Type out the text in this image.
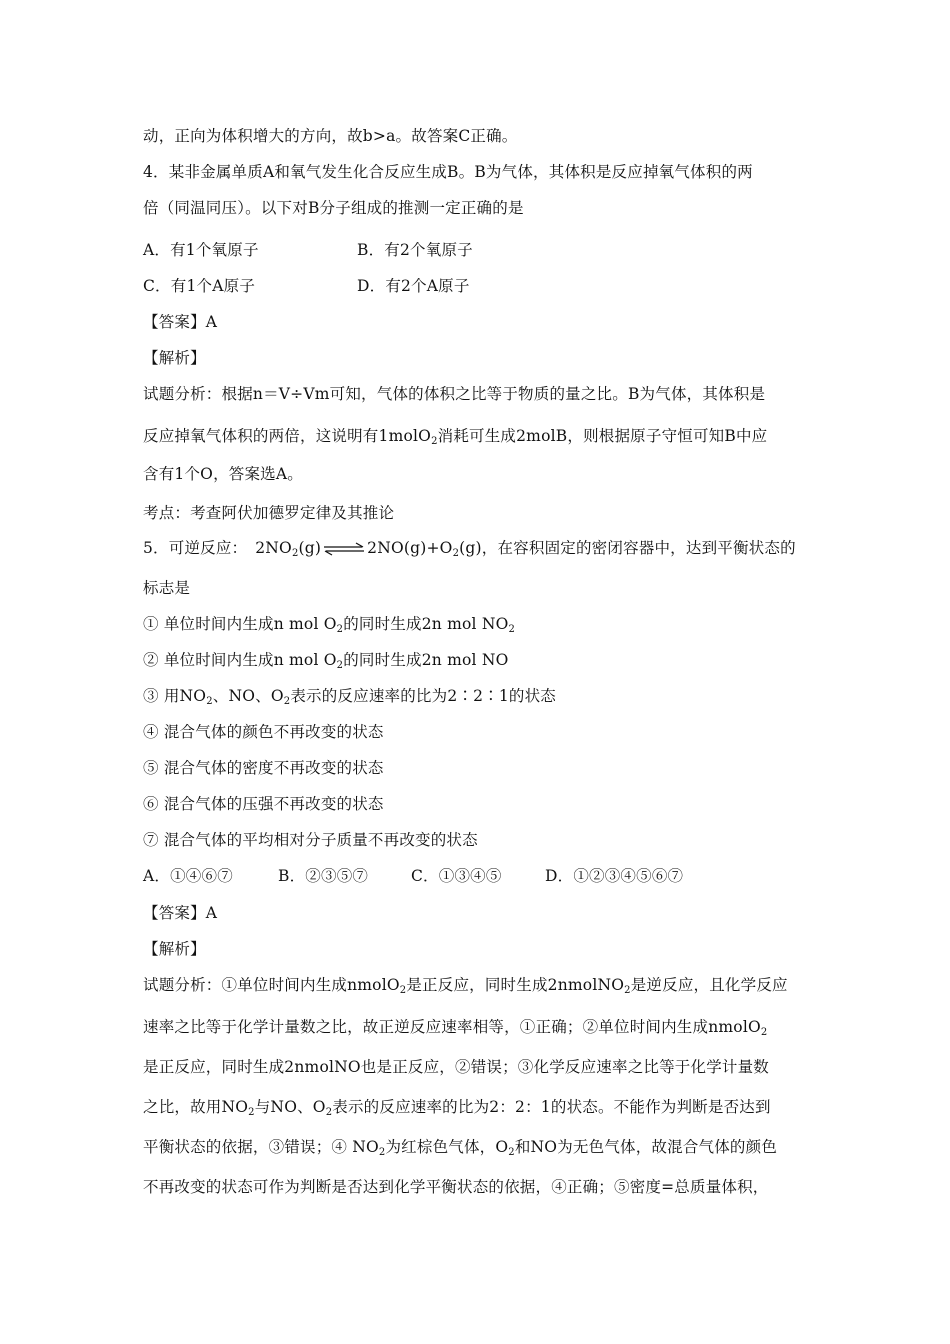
动，正向为体积增大的方向，故b>a。故答案C正确。
4．某非金属单质A和氧气发生化合反应生成B。B为气体，其体积是反应掉氧气体积的两
倍（同温同压）。以下对B分子组成的推测一定正确的是
A．有1个氧原子	B．有2个氧原子
C．有1个A原子	D．有2个A原子
【答案】A
【解析】
试题分析：根据n＝V÷Vm可知，气体的体积之比等于物质的量之比。B为气体，其体积是
反应掉氧气体积的两倍，这说明有1molO$_2$消耗可生成2molB，则根据原子守恒可知B中应
含有1个O，答案选A。
考点：考查阿伏加德罗定律及其推论
5．可逆反应：　$2NO_2(g)\rightleftharpoons 2NO(g)+O_2(g)$，在容积固定的密闭容器中，达到平衡状态的
标志是
① 单位时间内生成n mol $O_2$的同时生成2n mol $NO_2$
② 单位时间内生成n mol $O_2$的同时生成2n mol NO
③ 用$NO_2$、NO、$O_2$表示的反应速率的比为2∶2∶1的状态
④ 混合气体的颜色不再改变的状态
⑤ 混合气体的密度不再改变的状态
⑥ 混合气体的压强不再改变的状态
⑦ 混合气体的平均相对分子质量不再改变的状态
A．①④⑥⑦	B．②③⑤⑦	C．①③④⑤	D．①②③④⑤⑥⑦
【答案】A
【解析】
试题分析：①单位时间内生成nmolO$_2$是正反应，同时生成2nmolNO$_2$是逆反应，且化学反应
速率之比等于化学计量数之比，故正逆反应速率相等，①正确；②单位时间内生成nmolO$_2$
是正反应，同时生成2nmolNO也是正反应，②错误；③化学反应速率之比等于化学计量数
之比，故用$NO_2$与NO、$O_2$表示的反应速率的比为2：2：1的状态。不能作为判断是否达到
平衡状态的依据，③错误；④ $NO_2$为红棕色气体，$O_2$和NO为无色气体，故混合气体的颜色
不再改变的状态可作为判断是否达到化学平衡状态的依据，④正确；⑤密度=总质量体积，
